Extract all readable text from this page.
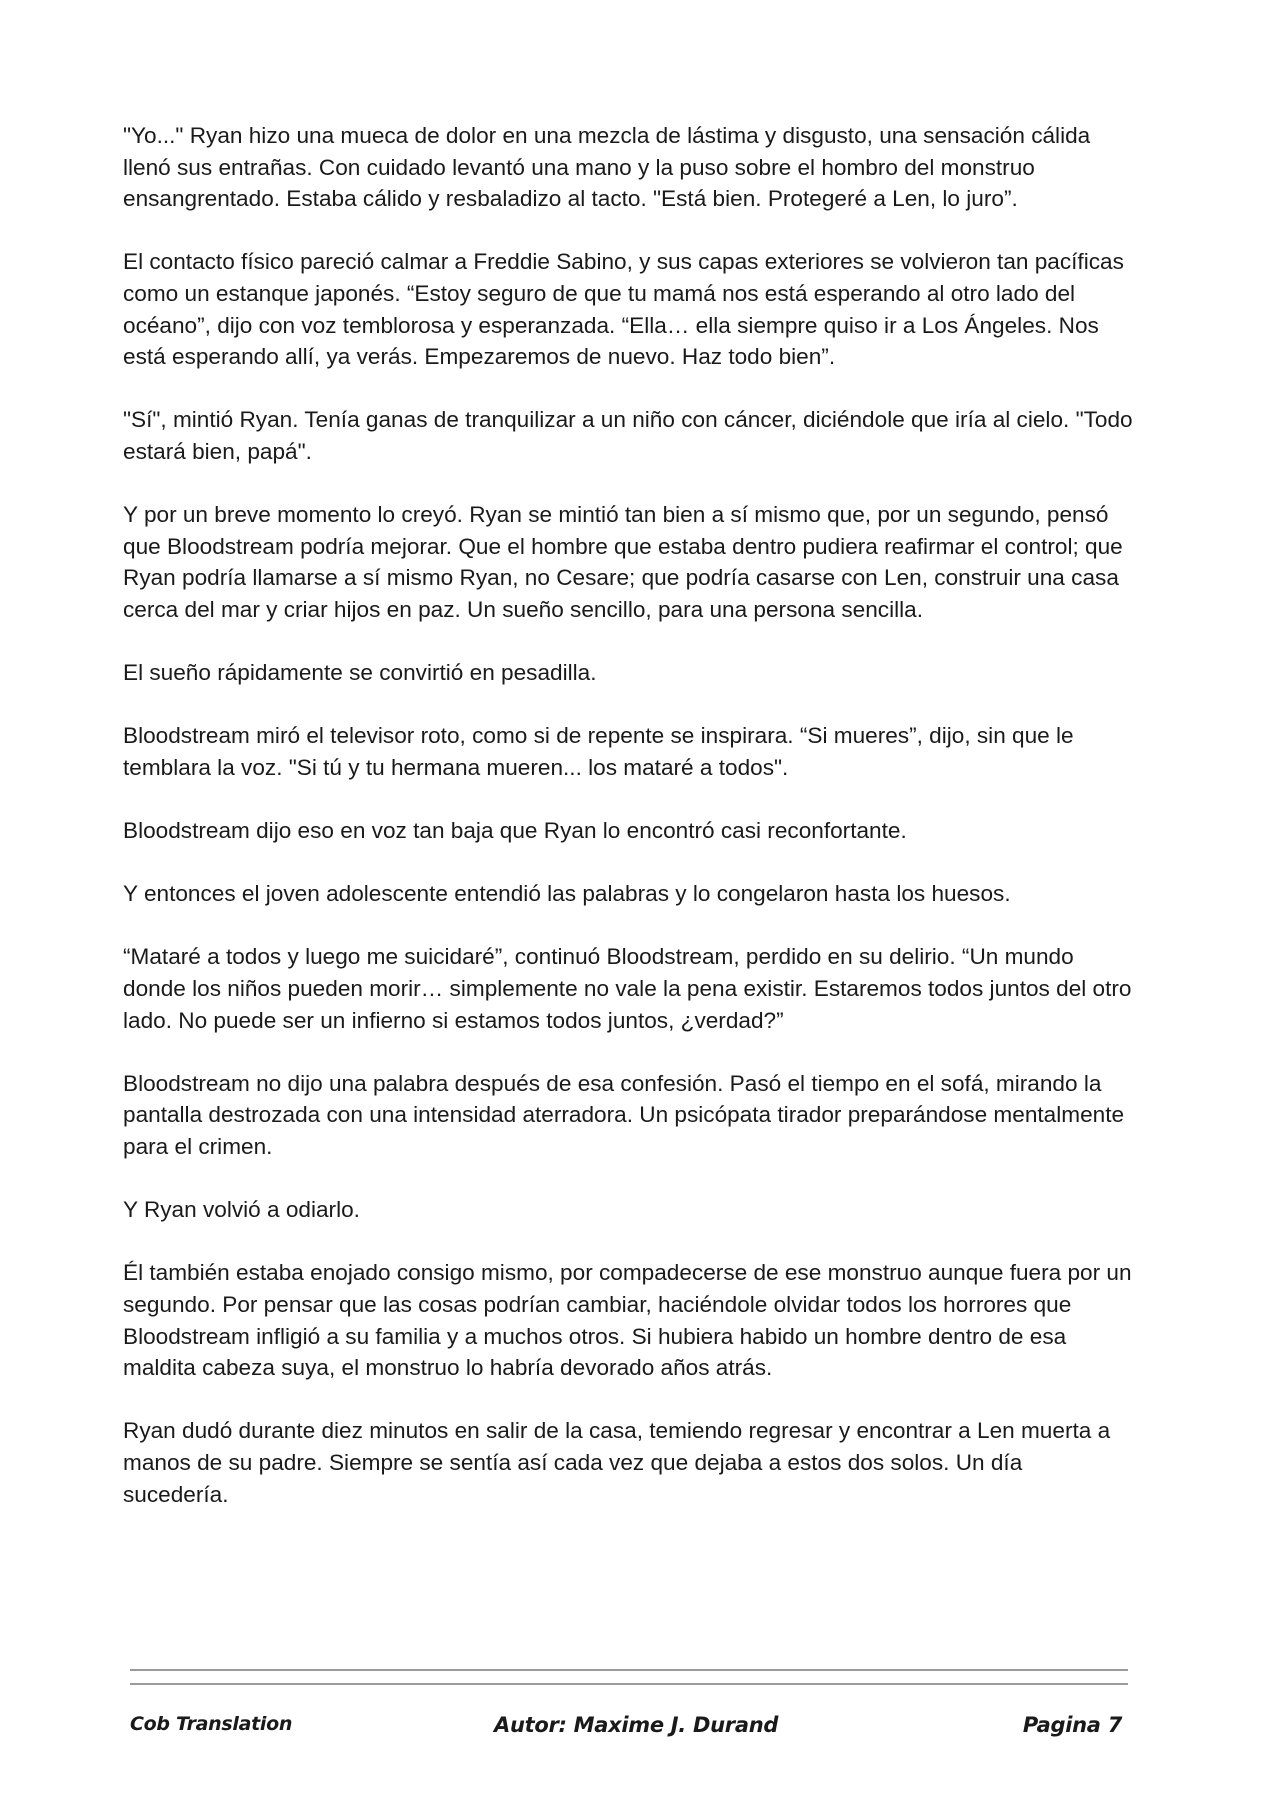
"Yo..." Ryan hizo una mueca de dolor en una mezcla de lástima y disgusto, una sensación cálida llenó sus entrañas. Con cuidado levantó una mano y la puso sobre el hombro del monstruo ensangrentado. Estaba cálido y resbaladizo al tacto. "Está bien. Protegeré a Len, lo juro”.

El contacto físico pareció calmar a Freddie Sabino, y sus capas exteriores se volvieron tan pacíficas como un estanque japonés. “Estoy seguro de que tu mamá nos está esperando al otro lado del océano”, dijo con voz temblorosa y esperanzada. “Ella… ella siempre quiso ir a Los Ángeles. Nos está esperando allí, ya verás. Empezaremos de nuevo. Haz todo bien”.

"Sí", mintió Ryan. Tenía ganas de tranquilizar a un niño con cáncer, diciéndole que iría al cielo. "Todo estará bien, papá".

Y por un breve momento lo creyó. Ryan se mintió tan bien a sí mismo que, por un segundo, pensó que Bloodstream podría mejorar. Que el hombre que estaba dentro pudiera reafirmar el control; que Ryan podría llamarse a sí mismo Ryan, no Cesare; que podría casarse con Len, construir una casa cerca del mar y criar hijos en paz. Un sueño sencillo, para una persona sencilla.

El sueño rápidamente se convirtió en pesadilla.

Bloodstream miró el televisor roto, como si de repente se inspirara. “Si mueres”, dijo, sin que le temblara la voz. "Si tú y tu hermana mueren... los mataré a todos".

Bloodstream dijo eso en voz tan baja que Ryan lo encontró casi reconfortante.

Y entonces el joven adolescente entendió las palabras y lo congelaron hasta los huesos.

“Mataré a todos y luego me suicidaré”, continuó Bloodstream, perdido en su delirio. “Un mundo donde los niños pueden morir… simplemente no vale la pena existir. Estaremos todos juntos del otro lado. No puede ser un infierno si estamos todos juntos, ¿verdad?”

Bloodstream no dijo una palabra después de esa confesión. Pasó el tiempo en el sofá, mirando la pantalla destrozada con una intensidad aterradora. Un psicópata tirador preparándose mentalmente para el crimen.

Y Ryan volvió a odiarlo.

Él también estaba enojado consigo mismo, por compadecerse de ese monstruo aunque fuera por un segundo. Por pensar que las cosas podrían cambiar, haciéndole olvidar todos los horrores que Bloodstream infligió a su familia y a muchos otros. Si hubiera habido un hombre dentro de esa maldita cabeza suya, el monstruo lo habría devorado años atrás.

Ryan dudó durante diez minutos en salir de la casa, temiendo regresar y encontrar a Len muerta a manos de su padre. Siempre se sentía así cada vez que dejaba a estos dos solos. Un día sucedería.

Cob Translation	Autor: Maxime J. Durand	Pagina 7
